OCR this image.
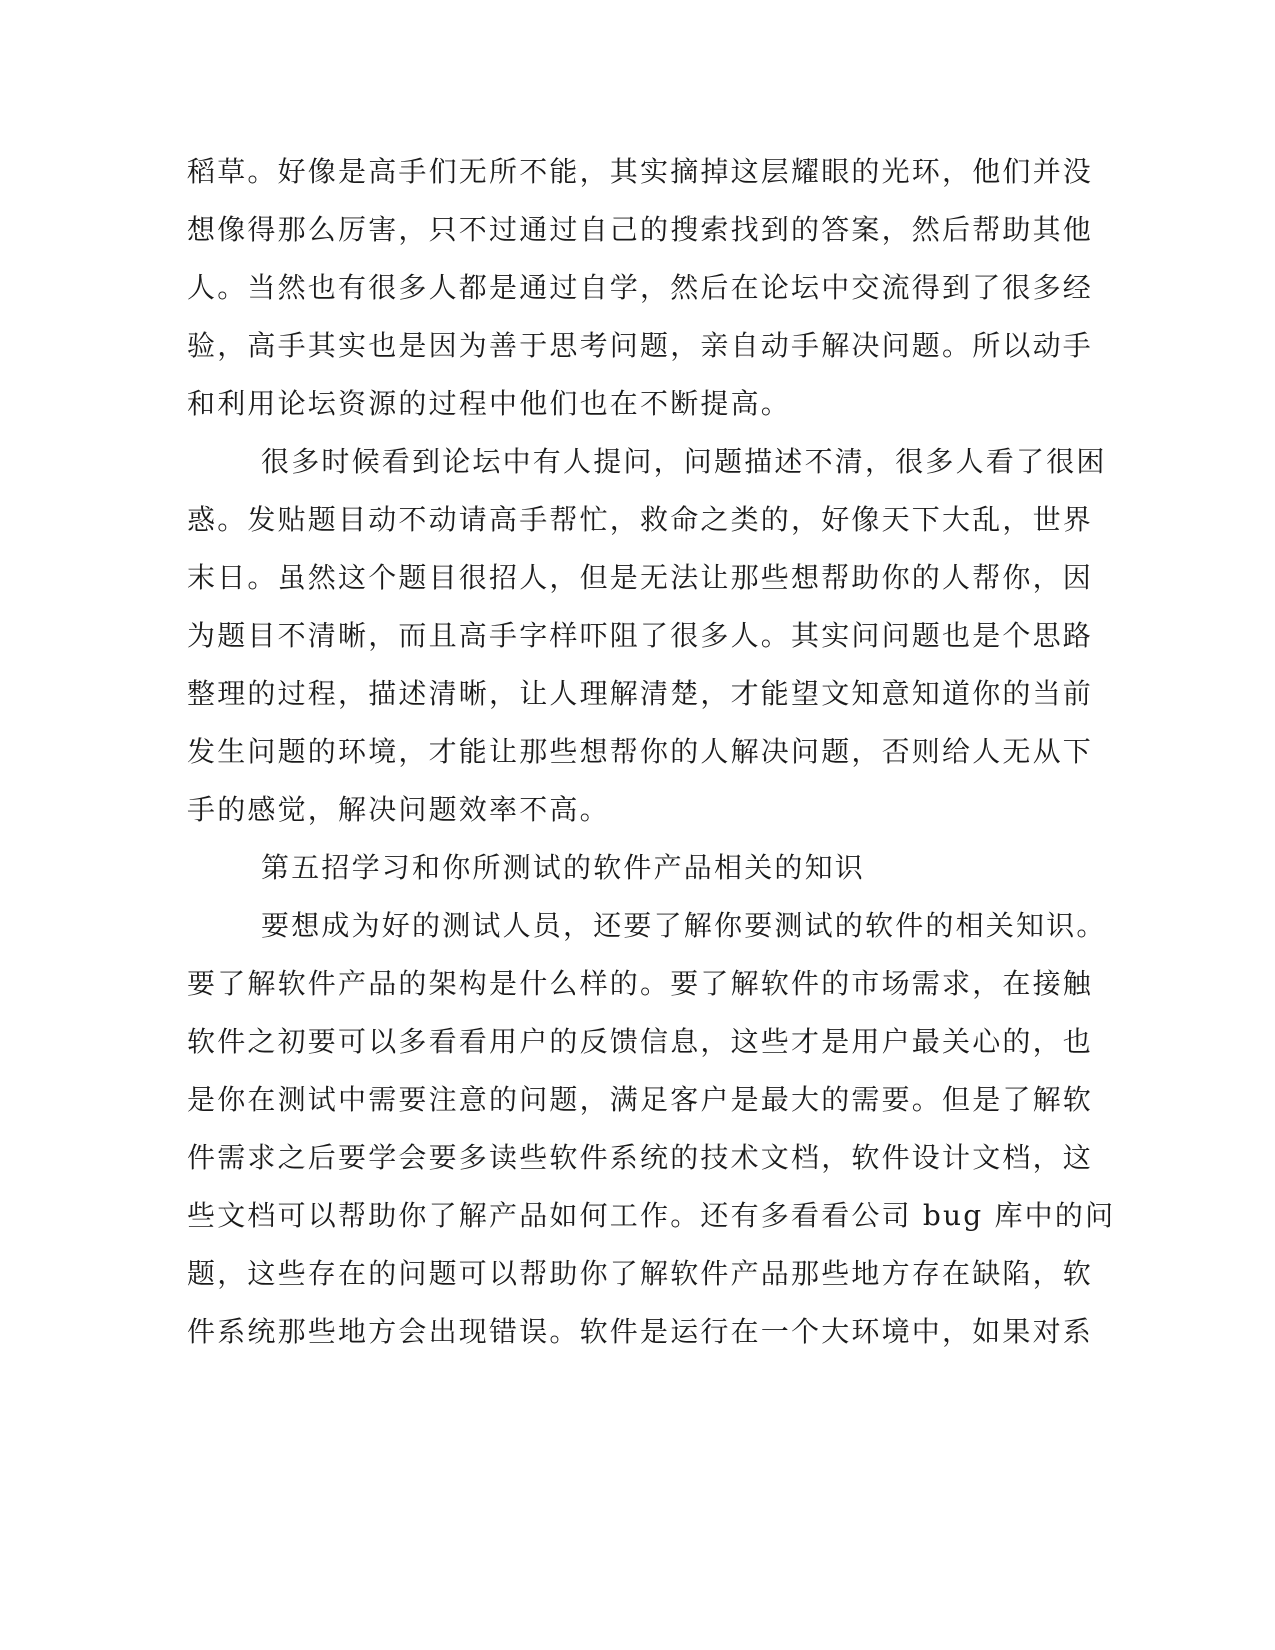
稻草。好像是高手们无所不能，其实摘掉这层耀眼的光环，他们并没
想像得那么厉害，只不过通过自己的搜索找到的答案，然后帮助其他
人。当然也有很多人都是通过自学，然后在论坛中交流得到了很多经
验，高手其实也是因为善于思考问题，亲自动手解决问题。所以动手
和利用论坛资源的过程中他们也在不断提高。
很多时候看到论坛中有人提问，问题描述不清，很多人看了很困
惑。发贴题目动不动请高手帮忙，救命之类的，好像天下大乱，世界
末日。虽然这个题目很招人，但是无法让那些想帮助你的人帮你，因
为题目不清晰，而且高手字样吓阻了很多人。其实问问题也是个思路
整理的过程，描述清晰，让人理解清楚，才能望文知意知道你的当前
发生问题的环境，才能让那些想帮你的人解决问题，否则给人无从下
手的感觉，解决问题效率不高。
第五招学习和你所测试的软件产品相关的知识
要想成为好的测试人员，还要了解你要测试的软件的相关知识。
要了解软件产品的架构是什么样的。要了解软件的市场需求，在接触
软件之初要可以多看看用户的反馈信息，这些才是用户最关心的，也
是你在测试中需要注意的问题，满足客户是最大的需要。但是了解软
件需求之后要学会要多读些软件系统的技术文档，软件设计文档，这
些文档可以帮助你了解产品如何工作。还有多看看公司 bug 库中的问
题，这些存在的问题可以帮助你了解软件产品那些地方存在缺陷，软
件系统那些地方会出现错误。软件是运行在一个大环境中，如果对系
